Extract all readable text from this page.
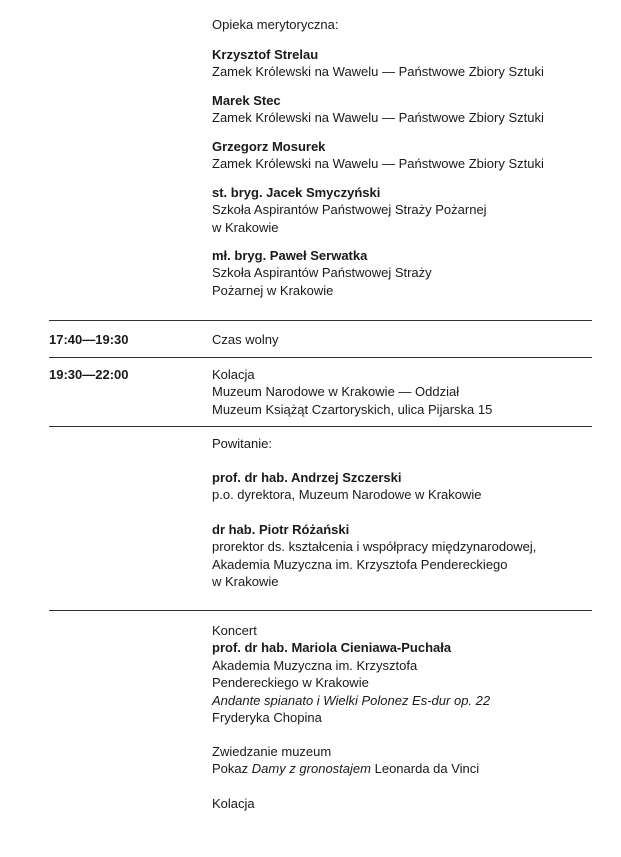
Opieka merytoryczna:
Krzysztof Strelau
Zamek Królewski na Wawelu — Państwowe Zbiory Sztuki
Marek Stec
Zamek Królewski na Wawelu — Państwowe Zbiory Sztuki
Grzegorz Mosurek
Zamek Królewski na Wawelu — Państwowe Zbiory Sztuki
st. bryg. Jacek Smyczyński
Szkoła Aspirantów Państwowej Straży Pożarnej
w Krakowie
mł. bryg. Paweł Serwatka
Szkoła Aspirantów Państwowej Straży
Pożarnej w Krakowie
17:40—19:30	Czas wolny
19:30—22:00	Kolacja
Muzeum Narodowe w Krakowie — Oddział
Muzeum Książąt Czartoryskich, ulica Pijarska 15
Powitanie:
prof. dr hab. Andrzej Szczerski
p.o. dyrektora, Muzeum Narodowe w Krakowie
dr hab. Piotr Różański
prorektor ds. kształcenia i współpracy międzynarodowej,
Akademia Muzyczna im. Krzysztofa Pendereckiego
w Krakowie
Koncert
prof. dr hab. Mariola Cieniawa-Puchała
Akademia Muzyczna im. Krzysztofa
Pendereckiego w Krakowie
Andante spianato i Wielki Polonez Es-dur op. 22
Fryderyka Chopina
Zwiedzanie muzeum
Pokaz Damy z gronostajem Leonarda da Vinci
Kolacja
